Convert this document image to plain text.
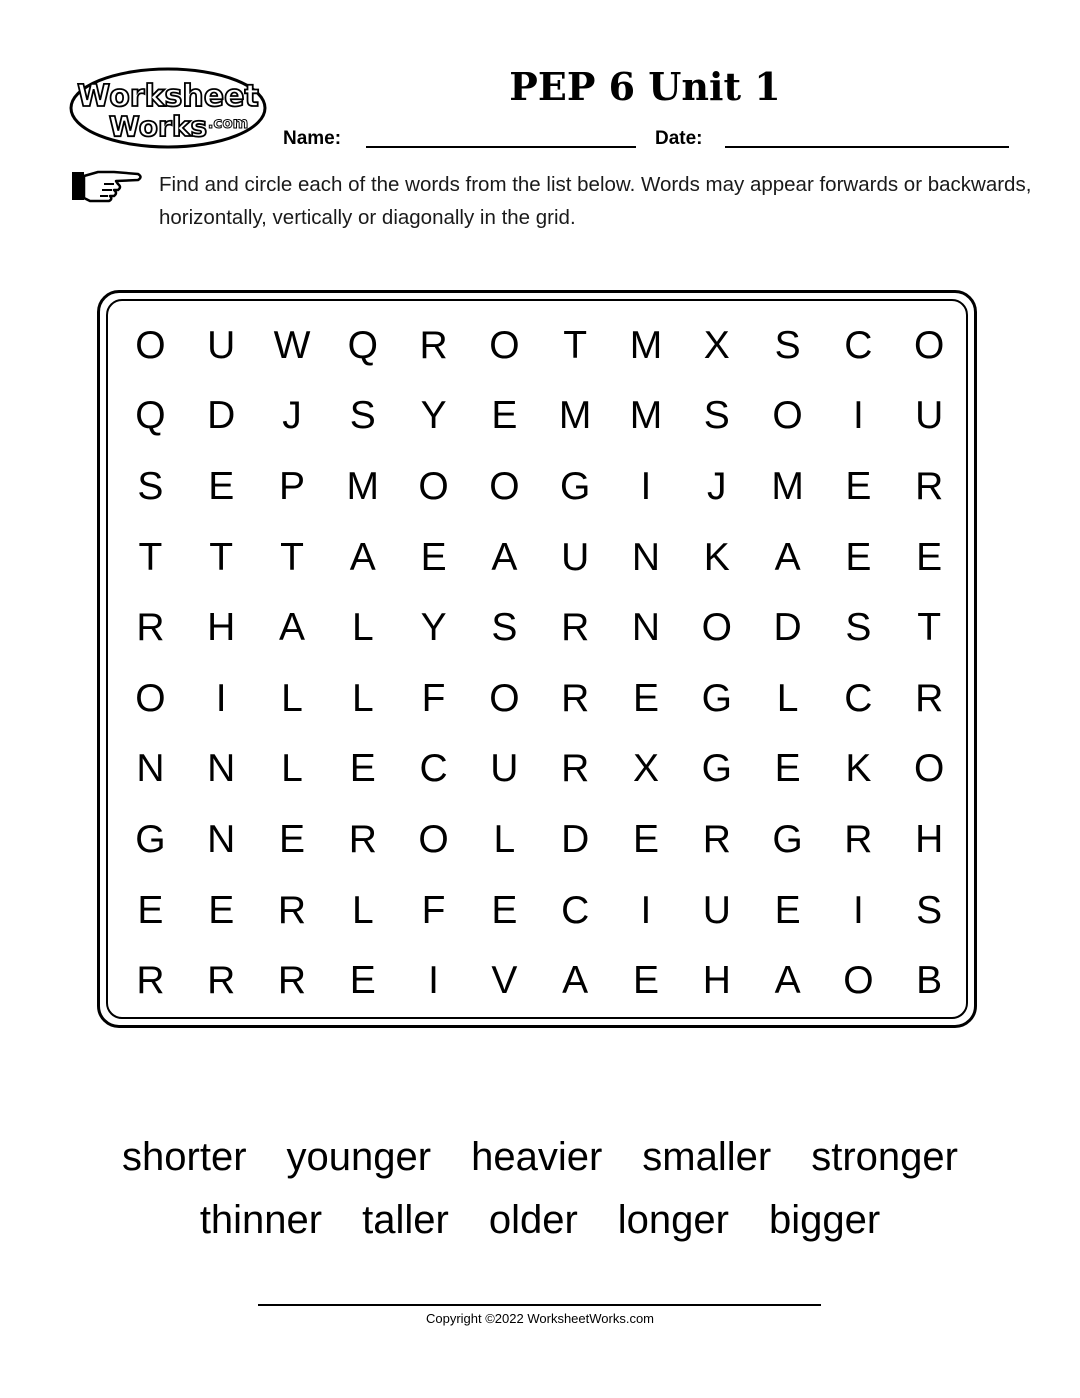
Worksheet
Works .com
PEP 6 Unit 1
Name:	Date:
Find and circle each of the words from the list below. Words may appear forwards or backwards, horizontally, vertically or diagonally in the grid.
O	U W Q	R	O	T	M	X	S	C	O
Q	D	J	S	Y	E	M M	S	O	I	U
S	E	P	M	O	O	G	I	J	M	E	R
T	T	T	A	E	A	U	N	K	A	E	E
R	H	A	L	Y	S	R	N	O	D	S	T
O	I	L	L	F	O	R	E	G	L	C	R
N	N	L	E	C	U	R	X	G	E	K	O
G	N	E	R	O	L	D	E	R	G	R	H
E	E	R	L	F	E	C	I	U	E	I	S
R	R	R	E	I	V	A	E	H	A	O	B
shorter younger heavier smaller stronger
thinner taller older longer bigger
Copyright ©2022 WorksheetWorks.com
